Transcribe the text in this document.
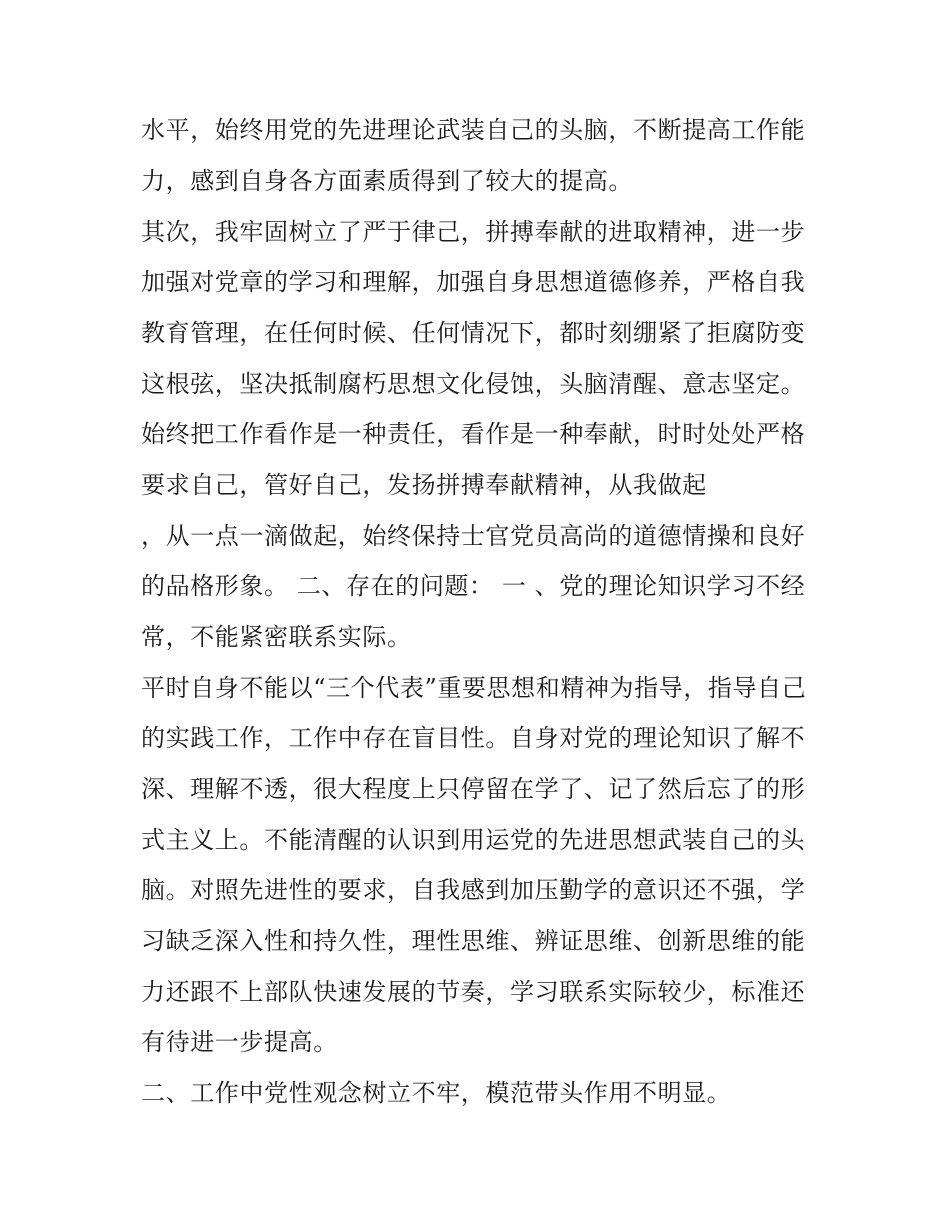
水平，始终用党的先进理论武装自己的头脑，不断提高工作能
力，感到自身各方面素质得到了较大的提高。
其次，我牢固树立了严于律己，拼搏奉献的进取精神，进一步
加强对党章的学习和理解，加强自身思想道德修养，严格自我
教育管理，在任何时候、任何情况下，都时刻绷紧了拒腐防变
这根弦，坚决抵制腐朽思想文化侵蚀，头脑清醒、意志坚定。
始终把工作看作是一种责任，看作是一种奉献，时时处处严格
要求自己，管好自己，发扬拼搏奉献精神，从我做起
，从一点一滴做起，始终保持士官党员高尚的道德情操和良好
的品格形象。 二、存在的问题： 一 、党的理论知识学习不经
常，不能紧密联系实际。
平时自身不能以“三个代表”重要思想和精神为指导，指导自己
的实践工作，工作中存在盲目性。自身对党的理论知识了解不
深、理解不透，很大程度上只停留在学了、记了然后忘了的形
式主义上。不能清醒的认识到用运党的先进思想武装自己的头
脑。对照先进性的要求，自我感到加压勤学的意识还不强，学
习缺乏深入性和持久性，理性思维、辨证思维、创新思维的能
力还跟不上部队快速发展的节奏，学习联系实际较少，标准还
有待进一步提高。
二、工作中党性观念树立不牢，模范带头作用不明显。
